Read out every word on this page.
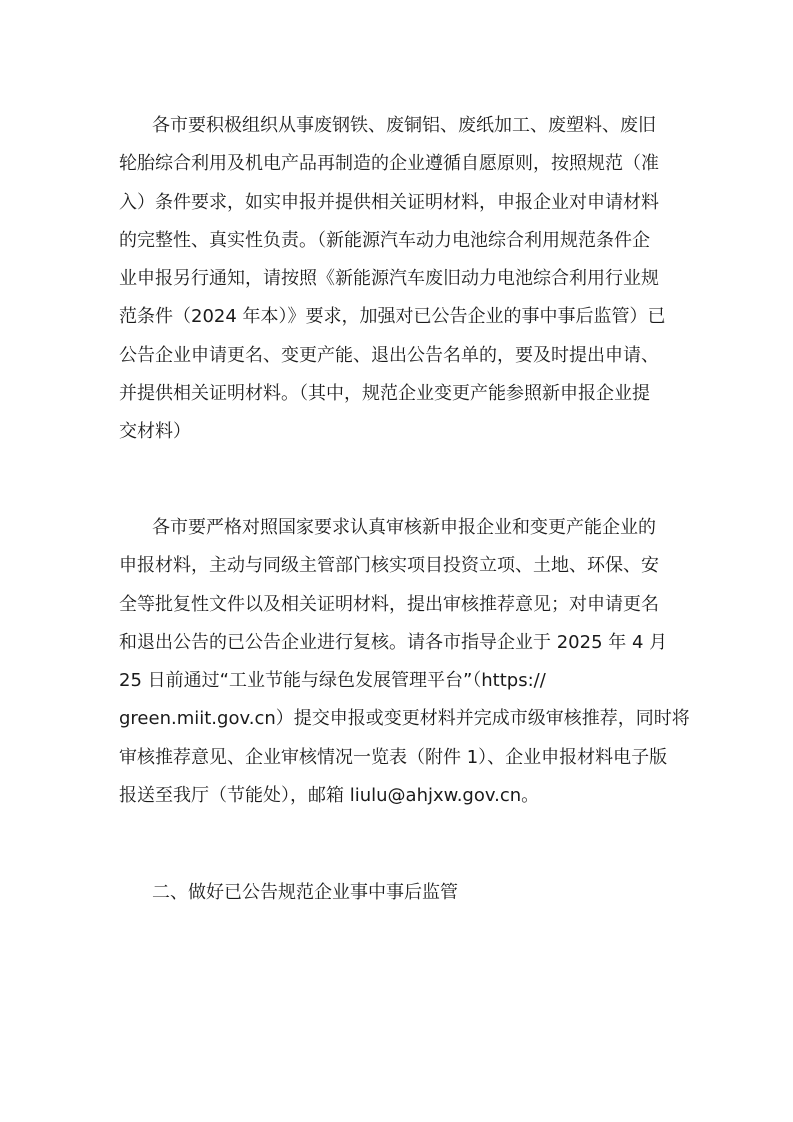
各市要积极组织从事废钢铁、废铜铝、废纸加工、废塑料、废旧
轮胎综合利用及机电产品再制造的企业遵循自愿原则，按照规范（准
入）条件要求，如实申报并提供相关证明材料，申报企业对申请材料
的完整性、真实性负责。（新能源汽车动力电池综合利用规范条件企
业申报另行通知，请按照《新能源汽车废旧动力电池综合利用行业规
范条件（2024 年本）》要求，加强对已公告企业的事中事后监管）已
公告企业申请更名、变更产能、退出公告名单的，要及时提出申请、
并提供相关证明材料。（其中，规范企业变更产能参照新申报企业提
交材料）
各市要严格对照国家要求认真审核新申报企业和变更产能企业的
申报材料，主动与同级主管部门核实项目投资立项、土地、环保、安
全等批复性文件以及相关证明材料，提出审核推荐意见；对申请更名
和退出公告的已公告企业进行复核。请各市指导企业于 2025 年 4 月
25 日前通过“工业节能与绿色发展管理平台”（https://
green.miit.gov.cn）提交申报或变更材料并完成市级审核推荐，同时将
审核推荐意见、企业审核情况一览表（附件 1）、企业申报材料电子版
报送至我厅（节能处），邮箱 liulu@ahjxw.gov.cn。
二、做好已公告规范企业事中事后监管
